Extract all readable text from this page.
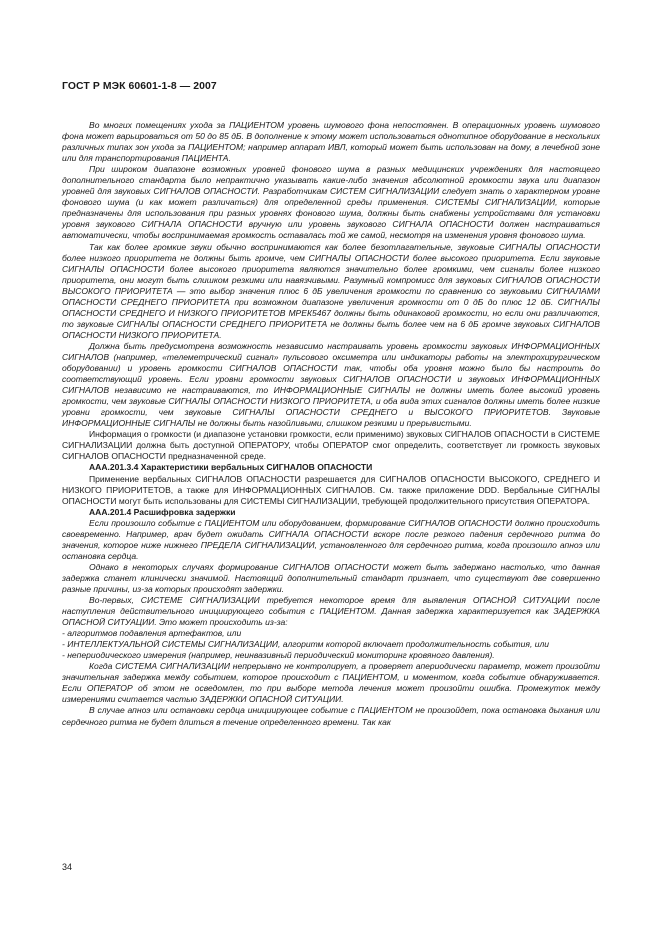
ГОСТ Р МЭК 60601-1-8 — 2007

Во многих помещениях ухода за ПАЦИЕНТОМ уровень шумового фона непостоянен. В операционных уровень шумового фона может варьироваться от 50 до 85 дБ. В дополнение к этому может использоваться однотипное оборудование в нескольких различных типах зон ухода за ПАЦИЕНТОМ; например аппарат ИВЛ, который может быть использован на дому, в лечебной зоне или для транспортирования ПАЦИЕНТА.

При широком диапазоне возможных уровней фонового шума в разных медицинских учреждениях для настоящего дополнительного стандарта было непрактично указывать какие-либо значения абсолютной громкости звука или диапазон уровней для звуковых СИГНАЛОВ ОПАСНОСТИ. Разработчикам СИСТЕМ СИГНАЛИЗАЦИИ следует знать о характерном уровне фонового шума (и как может различаться) для определенной среды применения. СИСТЕМЫ СИГНАЛИЗАЦИИ, которые предназначены для использования при разных уровнях фонового шума, должны быть снабжены устройствами для установки уровня звукового СИГНАЛА ОПАСНОСТИ вручную или уровень звукового СИГНАЛА ОПАСНОСТИ должен настраиваться автоматически, чтобы воспринимаемая громкость оставалась той же самой, несмотря на изменения уровня фонового шума.

Так как более громкие звуки обычно воспринимаются как более безотлагательные, звуковые СИГНАЛЫ ОПАСНОСТИ более низкого приоритета не должны быть громче, чем СИГНАЛЫ ОПАСНОСТИ более высокого приоритета. Если звуковые СИГНАЛЫ ОПАСНОСТИ более высокого приоритета являются значительно более громкими, чем сигналы более низкого приоритета, они могут быть слишком резкими или навязчивыми. Разумный компромисс для звуковых СИГНАЛОВ ОПАСНОСТИ ВЫСОКОГО ПРИОРИТЕТА — это выбор значения плюс 6 дБ увеличения громкости по сравнению со звуковыми СИГНАЛАМИ ОПАСНОСТИ СРЕДНЕГО ПРИОРИТЕТА при возможном диапазоне увеличения громкости от 0 дБ до плюс 12 дБ. СИГНАЛЫ ОПАСНОСТИ СРЕДНЕГО И НИЗКОГО ПРИОРИТЕТОВ МРЕК5467 должны быть одинаковой громкости, но если они различаются, то звуковые СИГНАЛЫ ОПАСНОСТИ СРЕДНЕГО ПРИОРИТЕТА не должны быть более чем на 6 дБ громче звуковых СИГНАЛОВ ОПАСНОСТИ НИЗКОГО ПРИОРИТЕТА.

Должна быть предусмотрена возможность независимо настраивать уровень громкости звуковых ИНФОРМАЦИОННЫХ СИГНАЛОВ (например, «телеметрический сигнал» пульсового оксиметра или индикаторы работы на электрохирургическом оборудовании) и уровень громкости СИГНАЛОВ ОПАСНОСТИ так, чтобы оба уровня можно было бы настроить до соответствующий уровень. Если уровни громкости звуковых СИГНАЛОВ ОПАСНОСТИ и звуковых ИНФОРМАЦИОННЫХ СИГНАЛОВ независимо не настраиваются, то ИНФОРМАЦИОННЫЕ СИГНАЛЫ не должны иметь более высокий уровень громкости, чем звуковые СИГНАЛЫ ОПАСНОСТИ НИЗКОГО ПРИОРИТЕТА, и оба вида этих сигналов должны иметь более низкие уровни громкости, чем звуковые СИГНАЛЫ ОПАСНОСТИ СРЕДНЕГО и ВЫСОКОГО ПРИОРИТЕТОВ. Звуковые ИНФОРМАЦИОННЫЕ СИГНАЛЫ не должны быть назойливыми, слишком резкими и прерывистыми.

Информация о громкости (и диапазоне установки громкости, если применимо) звуковых СИГНАЛОВ ОПАСНОСТИ в СИСТЕМЕ СИГНАЛИЗАЦИИ должна быть доступной ОПЕРАТОРУ, чтобы ОПЕРАТОР смог определить, соответствует ли громкость звуковых СИГНАЛОВ ОПАСНОСТИ предназначенной среде.

ААА.201.3.4 Характеристики вербальных СИГНАЛОВ ОПАСНОСТИ

Применение вербальных СИГНАЛОВ ОПАСНОСТИ разрешается для СИГНАЛОВ ОПАСНОСТИ ВЫСОКОГО, СРЕДНЕГО И НИЗКОГО ПРИОРИТЕТОВ, а также для ИНФОРМАЦИОННЫХ СИГНАЛОВ. См. также приложение DDD. Вербальные СИГНАЛЫ ОПАСНОСТИ могут быть использованы для СИСТЕМЫ СИГНАЛИЗАЦИИ, требующей продолжительного присутствия ОПЕРАТОРА.

ААА.201.4 Расшифровка задержки

Если произошло событие с ПАЦИЕНТОМ или оборудованием, формирование СИГНАЛОВ ОПАСНОСТИ должно происходить своевременно. Например, врач будет ожидать СИГНАЛА ОПАСНОСТИ вскоре после резкого падения сердечного ритма до значения, которое ниже нижнего ПРЕДЕЛА СИГНАЛИЗАЦИИ, установленного для сердечного ритма, когда произошло апноэ или остановка сердца.

Однако в некоторых случаях формирование СИГНАЛОВ ОПАСНОСТИ может быть задержано настолько, что данная задержка станет клинически значимой. Настоящий дополнительный стандарт признает, что существуют две совершенно разные причины, из-за которых происходят задержки.

Во-первых, СИСТЕМЕ СИГНАЛИЗАЦИИ требуется некоторое время для выявления ОПАСНОЙ СИТУАЦИИ после наступления действительного инициирующего события с ПАЦИЕНТОМ. Данная задержка характеризуется как ЗАДЕРЖКА ОПАСНОЙ СИТУАЦИИ. Это может происходить из-за:

- алгоритмов подавления артефактов, или

- ИНТЕЛЛЕКТУАЛЬНОЙ СИСТЕМЫ СИГНАЛИЗАЦИИ, алгоритм которой включает продолжительность события, или

- непериодического измерения (например, неинвазивный периодический мониторинг кровяного давления).

Когда СИСТЕМА СИГНАЛИЗАЦИИ непрерывно не контролирует, а проверяет апериодически параметр, может произойти значительная задержка между событием, которое происходит с ПАЦИЕНТОМ, и моментом, когда событие обнаруживается. Если ОПЕРАТОР об этом не осведомлен, то при выборе метода лечения может произойти ошибка. Промежуток между измерениями считается частью ЗАДЕРЖКИ ОПАСНОЙ СИТУАЦИИ.

В случае апноэ или остановки сердца инициирующее событие с ПАЦИЕНТОМ не произойдет, пока остановка дыхания или сердечного ритма не будет длиться в течение определенного времени. Так как

34
